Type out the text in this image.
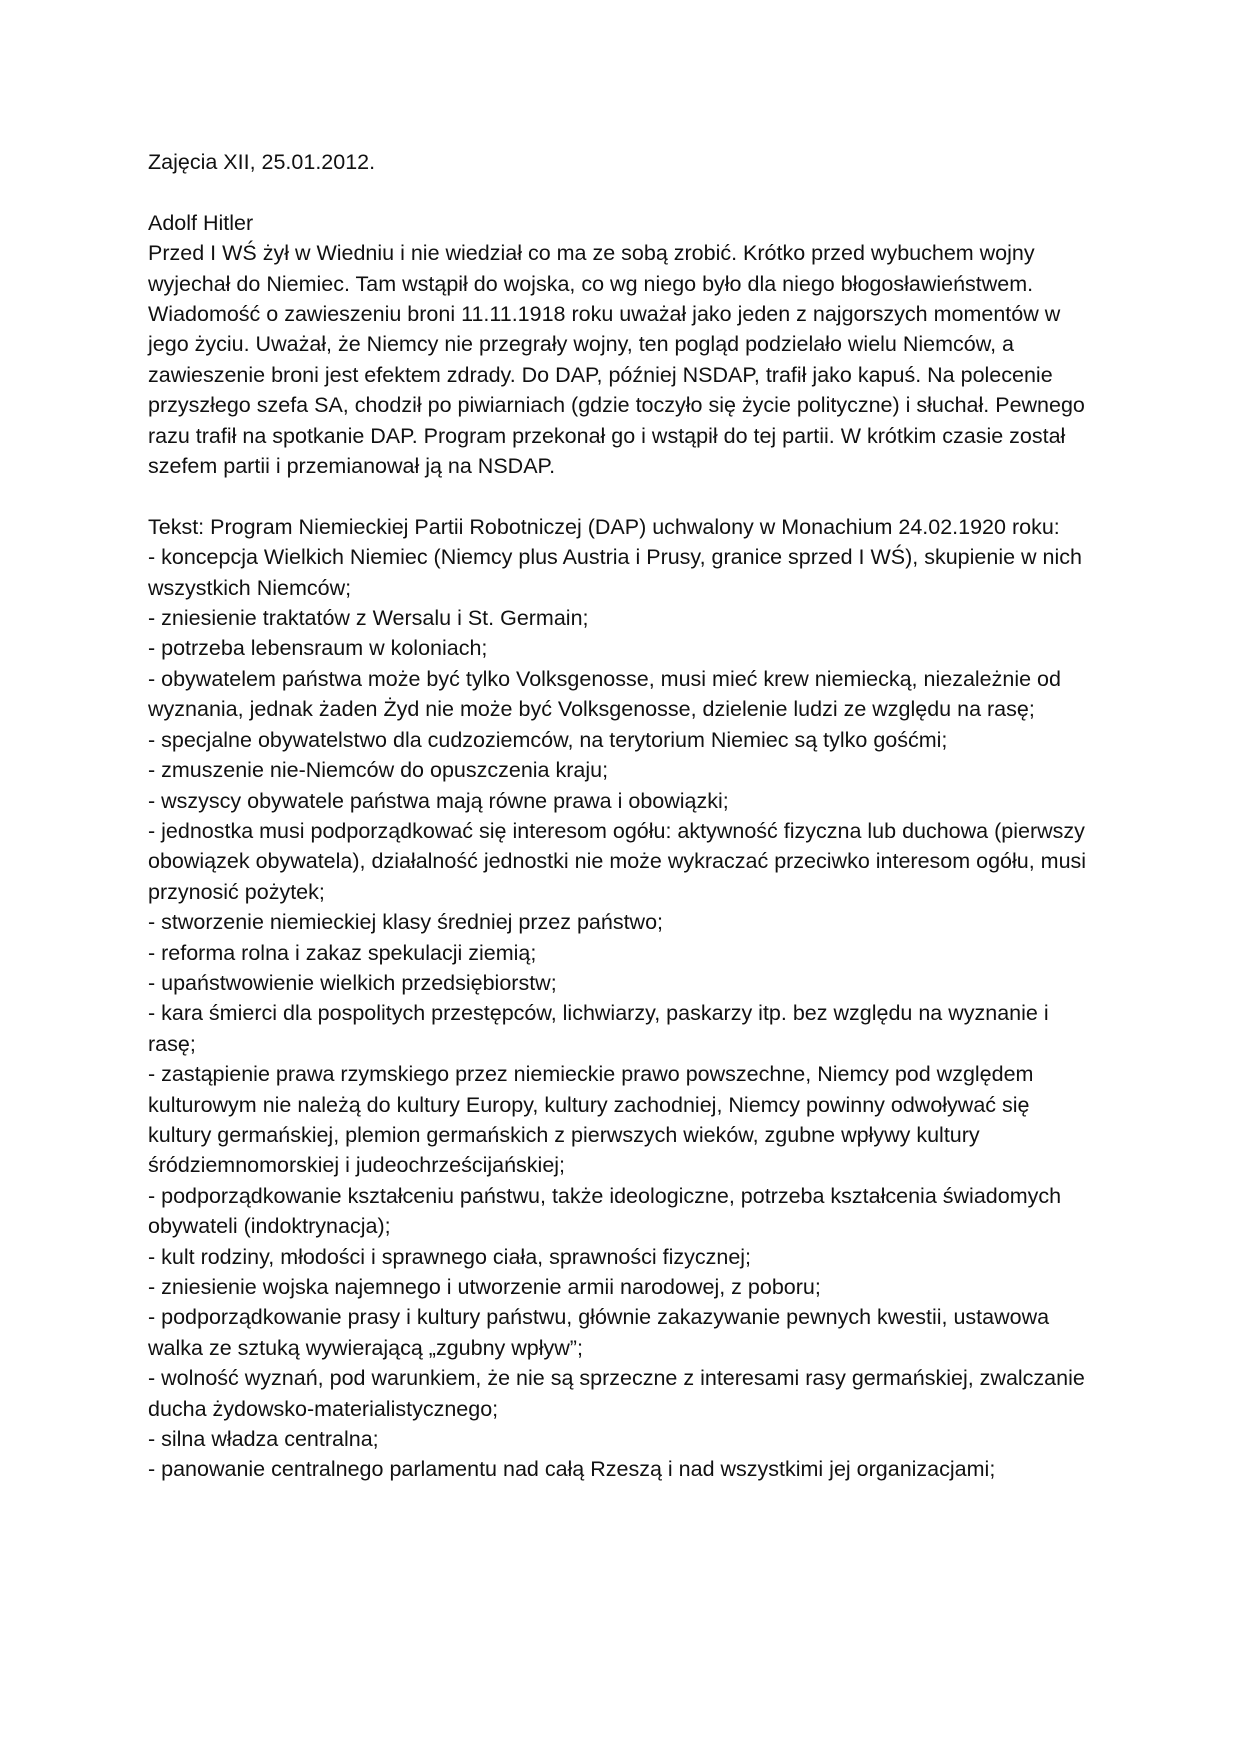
Zajęcia XII, 25.01.2012.

Adolf Hitler

Przed I WŚ żył w Wiedniu i nie wiedział co ma ze sobą zrobić. Krótko przed wybuchem wojny wyjechał do Niemiec. Tam wstąpił do wojska, co wg niego było dla niego błogosławieństwem. Wiadomość o zawieszeniu broni 11.11.1918 roku uważał jako jeden z najgorszych momentów w jego życiu. Uważał, że Niemcy nie przegrały wojny, ten pogląd podzielało wielu Niemców, a zawieszenie broni jest efektem zdrady. Do DAP, później NSDAP, trafił jako kapuś. Na polecenie przyszłego szefa SA, chodził po piwiarniach (gdzie toczyło się życie polityczne) i słuchał. Pewnego razu trafił na spotkanie DAP. Program przekonał go i wstąpił do tej partii. W krótkim czasie został szefem partii i przemianował ją na NSDAP.

Tekst: Program Niemieckiej Partii Robotniczej (DAP) uchwalony w Monachium 24.02.1920 roku:

- koncepcja Wielkich Niemiec (Niemcy plus Austria i Prusy, granice sprzed I WŚ), skupienie w nich wszystkich Niemców;
- zniesienie traktatów z Wersalu i St. Germain;
- potrzeba lebensraum w koloniach;
- obywatelem państwa może być tylko Volksgenosse, musi mieć krew niemiecką, niezależnie od wyznania, jednak żaden Żyd nie może być Volksgenosse, dzielenie ludzi ze względu na rasę;
- specjalne obywatelstwo dla cudzoziemców, na terytorium Niemiec są tylko gośćmi;
- zmuszenie nie-Niemców do opuszczenia kraju;
- wszyscy obywatele państwa mają równe prawa i obowiązki;
- jednostka musi podporządkować się interesom ogółu: aktywność fizyczna lub duchowa (pierwszy obowiązek obywatela), działalność jednostki nie może wykraczać przeciwko interesom ogółu, musi przynosić pożytek;
- stworzenie niemieckiej klasy średniej przez państwo;
- reforma rolna i zakaz spekulacji ziemią;
- upaństwowienie wielkich przedsiębiorstw;
- kara śmierci dla pospolitych przestępców, lichwiarzy, paskarzy itp. bez względu na wyznanie i rasę;
- zastąpienie prawa rzymskiego przez niemieckie prawo powszechne, Niemcy pod względem kulturowym nie należą do kultury Europy, kultury zachodniej, Niemcy powinny odwoływać się kultury germańskiej, plemion germańskich z pierwszych wieków, zgubne wpływy kultury śródziemnomorskiej i judeochrześcijańskiej;
- podporządkowanie kształceniu państwu, także ideologiczne, potrzeba kształcenia świadomych obywateli (indoktrynacja);
- kult rodziny, młodości i sprawnego ciała, sprawności fizycznej;
- zniesienie wojska najemnego i utworzenie armii narodowej, z poboru;
- podporządkowanie prasy i kultury państwu, głównie zakazywanie pewnych kwestii, ustawowa walka ze sztuką wywierającą „zgubny wpływ”;
- wolność wyznań, pod warunkiem, że nie są sprzeczne z interesami rasy germańskiej, zwalczanie ducha żydowsko-materialistycznego;
- silna władza centralna;
- panowanie centralnego parlamentu nad całą Rzeszą i nad wszystkimi jej organizacjami;
